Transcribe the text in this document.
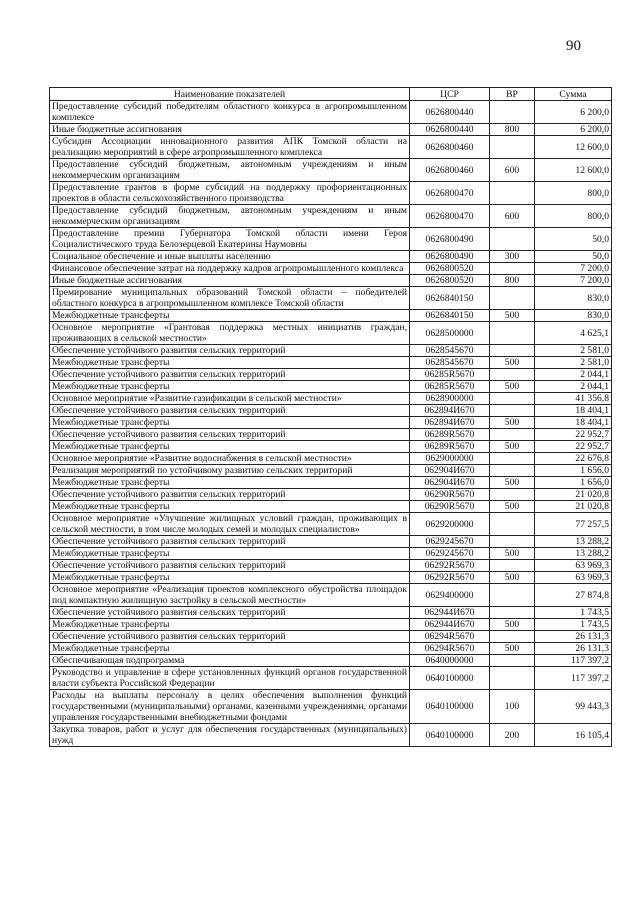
90
Наименование показателей	ЦСР	ВР	Сумма
Предоставление субсидий победителям областного конкурса в агропромышленном комплексе	0626800440		6 200,0
Иные бюджетные ассигнования	0626800440	800	6 200,0
Субсидия Ассоциации инновационного развития АПК Томской области на реализацию мероприятий в сфере агропромышленного комплекса	0626800460		12 600,0
Предоставление субсидий бюджетным, автономным учреждениям и иным некоммерческим организациям	0626800460	600	12 600,0
Предоставление грантов в форме субсидий на поддержку профориентационных проектов в области сельскохозяйственного производства	0626800470		800,0
Предоставление субсидий бюджетным, автономным учреждениям и иным некоммерческим организациям	0626800470	600	800,0
Предоставление премии Губернатора Томской области имени Героя Социалистического труда Белозерцевой Екатерины Наумовны	0626800490		50,0
Социальное обеспечение и иные выплаты населению	0626800490	300	50,0
Финансовое обеспечение затрат на поддержку кадров агропромышленного комплекса	0626800520		7 200,0
Иные бюджетные ассигнования	0626800520	800	7 200,0
Премирование муниципальных образований Томской области – победителей областного конкурса в агропромышленном комплексе Томской области	0626840150		830,0
Межбюджетные трансферты	0626840150	500	830,0
Основное мероприятие «Грантовая поддержка местных инициатив граждан, проживающих в сельской местности»	0628500000		4 625,1
Обеспечение устойчивого развития сельских территорий	0628545670		2 581,0
Межбюджетные трансферты	0628545670	500	2 581,0
Обеспечение устойчивого развития сельских территорий	06285R5670		2 044,1
Межбюджетные трансферты	06285R5670	500	2 044,1
Основное мероприятие «Развитие газификации в сельской местности»	0628900000		41 356,8
Обеспечение устойчивого развития сельских территорий	062894И670		18 404,1
Межбюджетные трансферты	062894И670	500	18 404,1
Обеспечение устойчивого развития сельских территорий	06289R5670		22 952,7
Межбюджетные трансферты	06289R5670	500	22 952,7
Основное мероприятие «Развитие водоснабжения в сельской местности»	0629000000		22 676,8
Реализация мероприятий по устойчивому развитию сельских территорий	062904И670		1 656,0
Межбюджетные трансферты	062904И670	500	1 656,0
Обеспечение устойчивого развития сельских территорий	06290R5670		21 020,8
Межбюджетные трансферты	06290R5670	500	21 020,8
Основное мероприятие «Улучшение жилищных условий граждан, проживающих в сельской местности, в том числе молодых семей и молодых специалистов»	0629200000		77 257,5
Обеспечение устойчивого развития сельских территорий	0629245670		13 288,2
Межбюджетные трансферты	0629245670	500	13 288,2
Обеспечение устойчивого развития сельских территорий	06292R5670		63 969,3
Межбюджетные трансферты	06292R5670	500	63 969,3
Основное мероприятие «Реализация проектов комплексного обустройства площадок под компактную жилищную застройку в сельской местности»	0629400000		27 874,8
Обеспечение устойчивого развития сельских территорий	062944И670		1 743,5
Межбюджетные трансферты	062944И670	500	1 743,5
Обеспечение устойчивого развития сельских территорий	06294R5670		26 131,3
Межбюджетные трансферты	06294R5670	500	26 131,3
Обеспечивающая подпрограмма	0640000000		117 397,2
Руководство и управление в сфере установленных функций органов государственной власти субъекта Российской Федерации	0640100000		117 397,2
Расходы на выплаты персоналу в целях обеспечения выполнения функций государственными (муниципальными) органами, казенными учреждениями, органами управления государственными внебюджетными фондами	0640100000	100	99 443,3
Закупка товаров, работ и услуг для обеспечения государственных (муниципальных) нужд	0640100000	200	16 105,4
